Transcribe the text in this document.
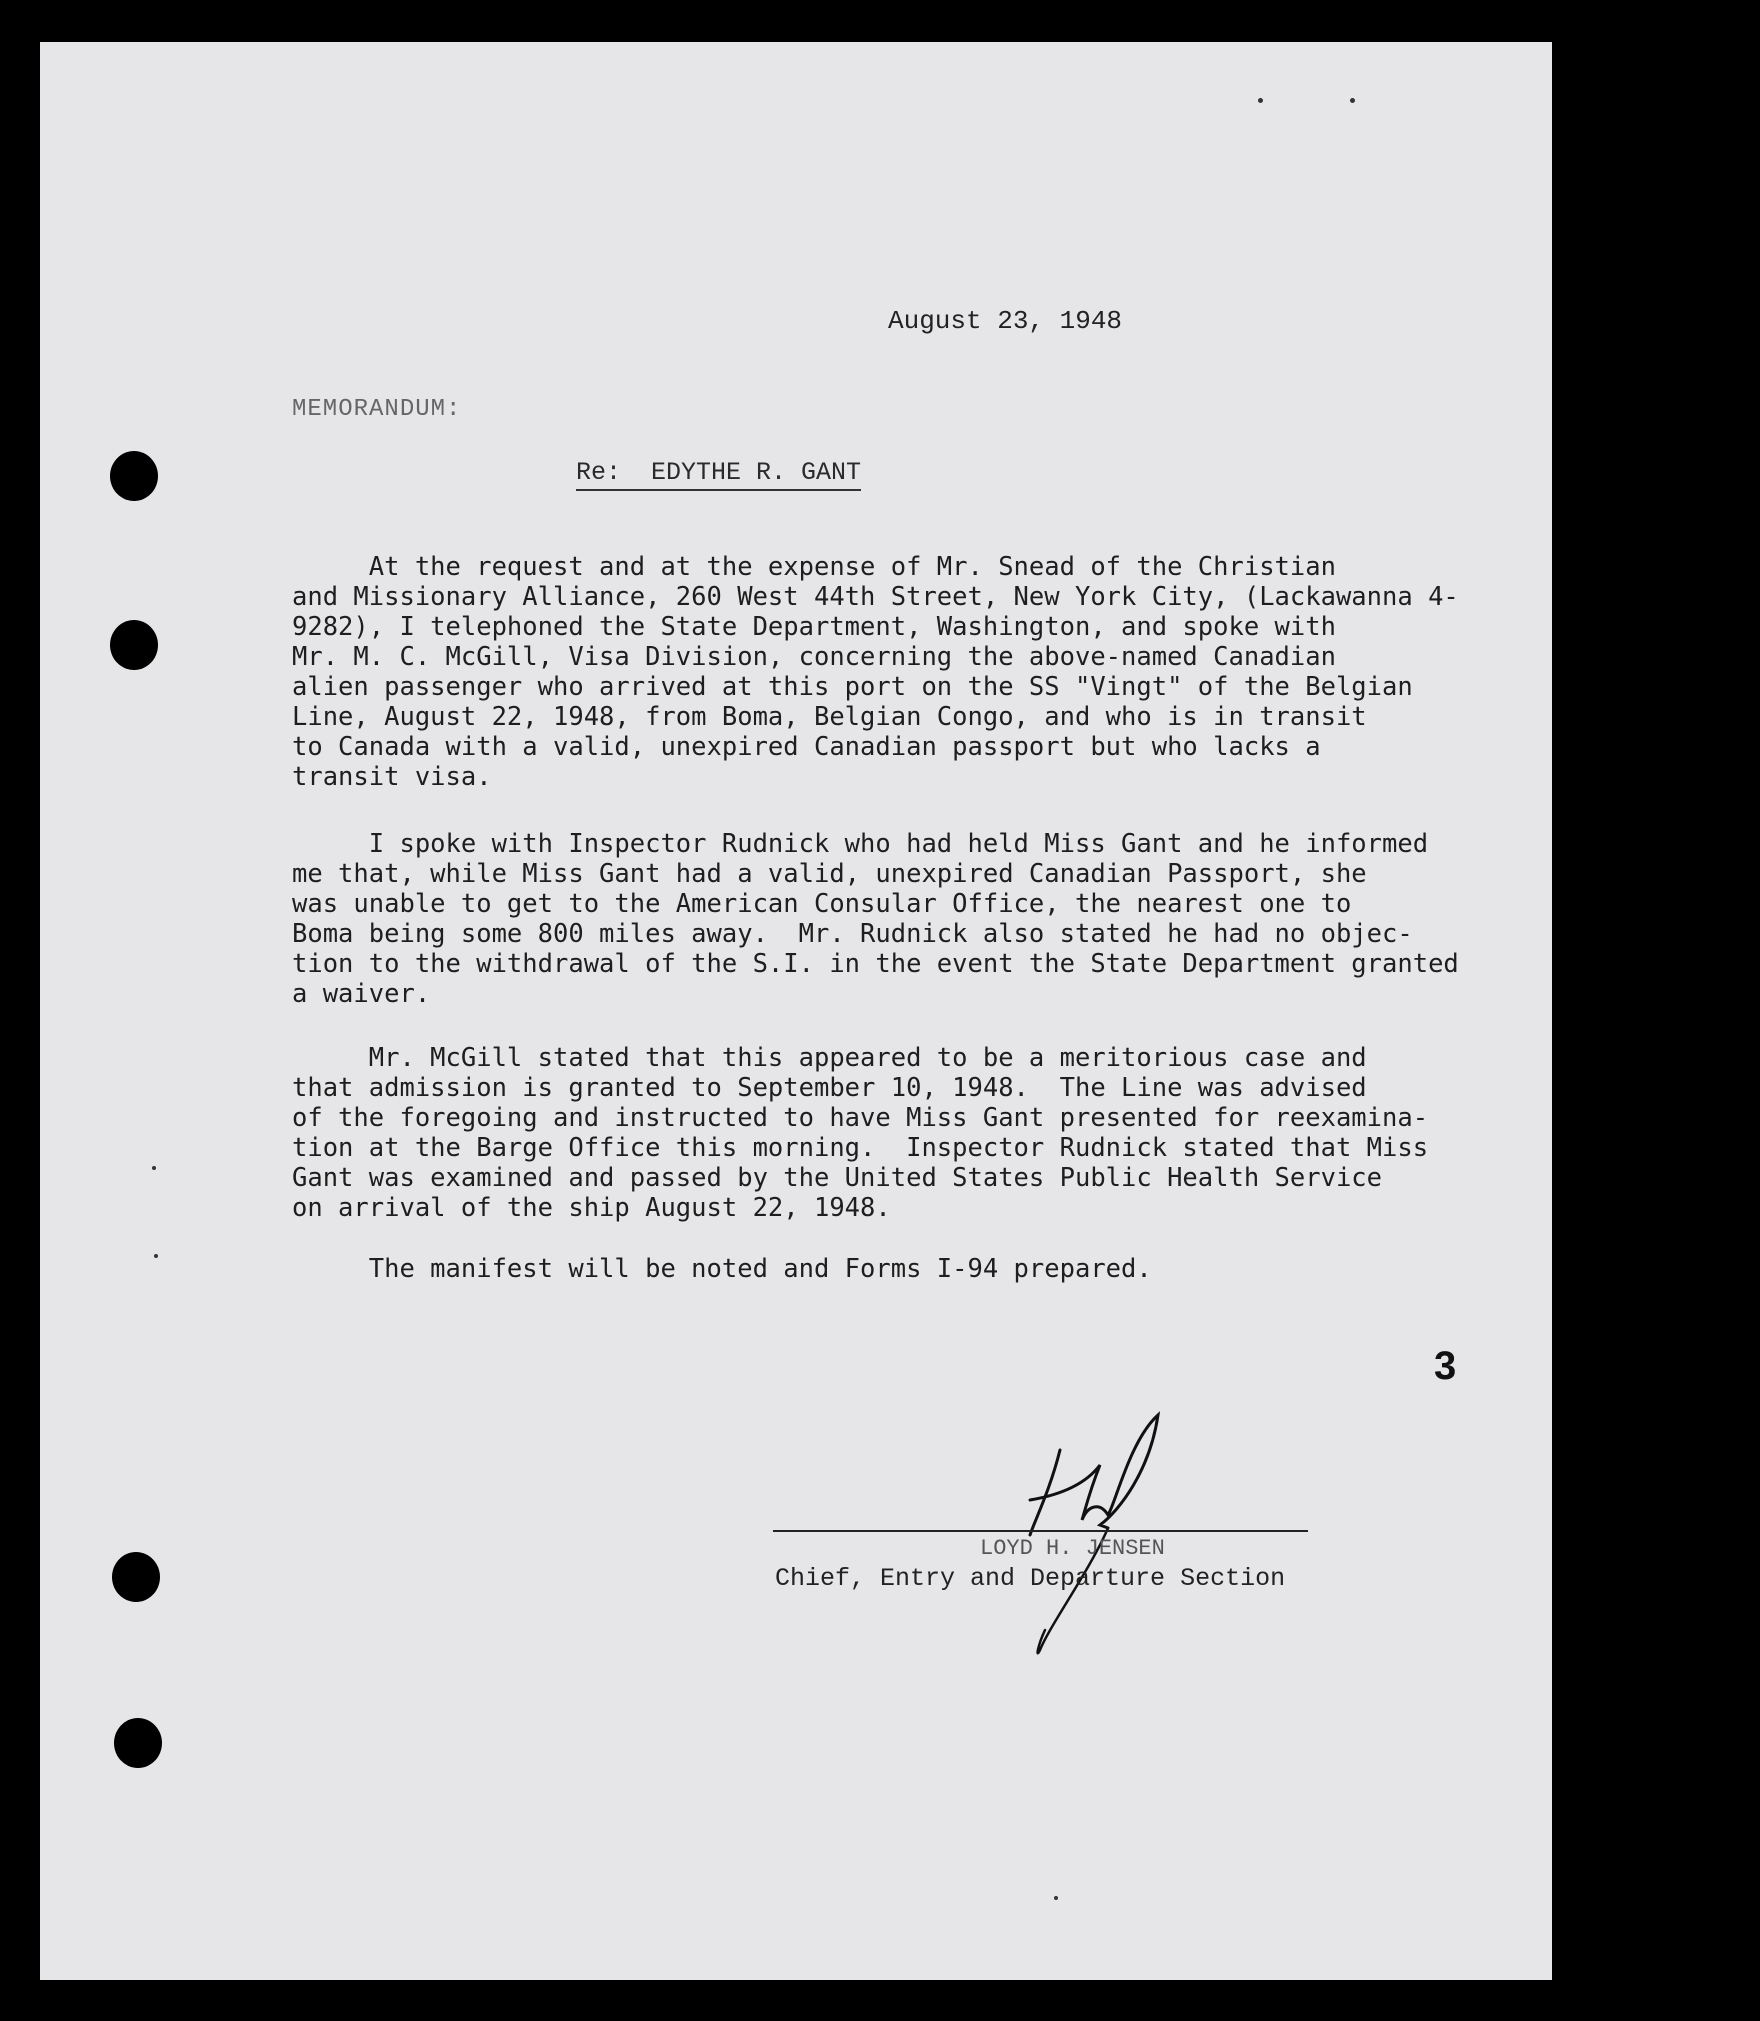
August 23, 1948
MEMORANDUM:
Re:  EDYTHE R. GANT
At the request and at the expense of Mr. Snead of the Christian
and Missionary Alliance, 260 West 44th Street, New York City, (Lackawanna 4-
9282), I telephoned the State Department, Washington, and spoke with
Mr. M. C. McGill, Visa Division, concerning the above-named Canadian
alien passenger who arrived at this port on the SS "Vingt" of the Belgian
Line, August 22, 1948, from Boma, Belgian Congo, and who is in transit
to Canada with a valid, unexpired Canadian passport but who lacks a
transit visa.
I spoke with Inspector Rudnick who had held Miss Gant and he informed
me that, while Miss Gant had a valid, unexpired Canadian Passport, she
was unable to get to the American Consular Office, the nearest one to
Boma being some 800 miles away.  Mr. Rudnick also stated he had no objec-
tion to the withdrawal of the S.I. in the event the State Department granted
a waiver.
Mr. McGill stated that this appeared to be a meritorious case and
that admission is granted to September 10, 1948.  The Line was advised
of the foregoing and instructed to have Miss Gant presented for reexamina-
tion at the Barge Office this morning.  Inspector Rudnick stated that Miss
Gant was examined and passed by the United States Public Health Service
on arrival of the ship August 22, 1948.
The manifest will be noted and Forms I-94 prepared.
3
LOYD H. JENSEN
Chief, Entry and Departure Section
